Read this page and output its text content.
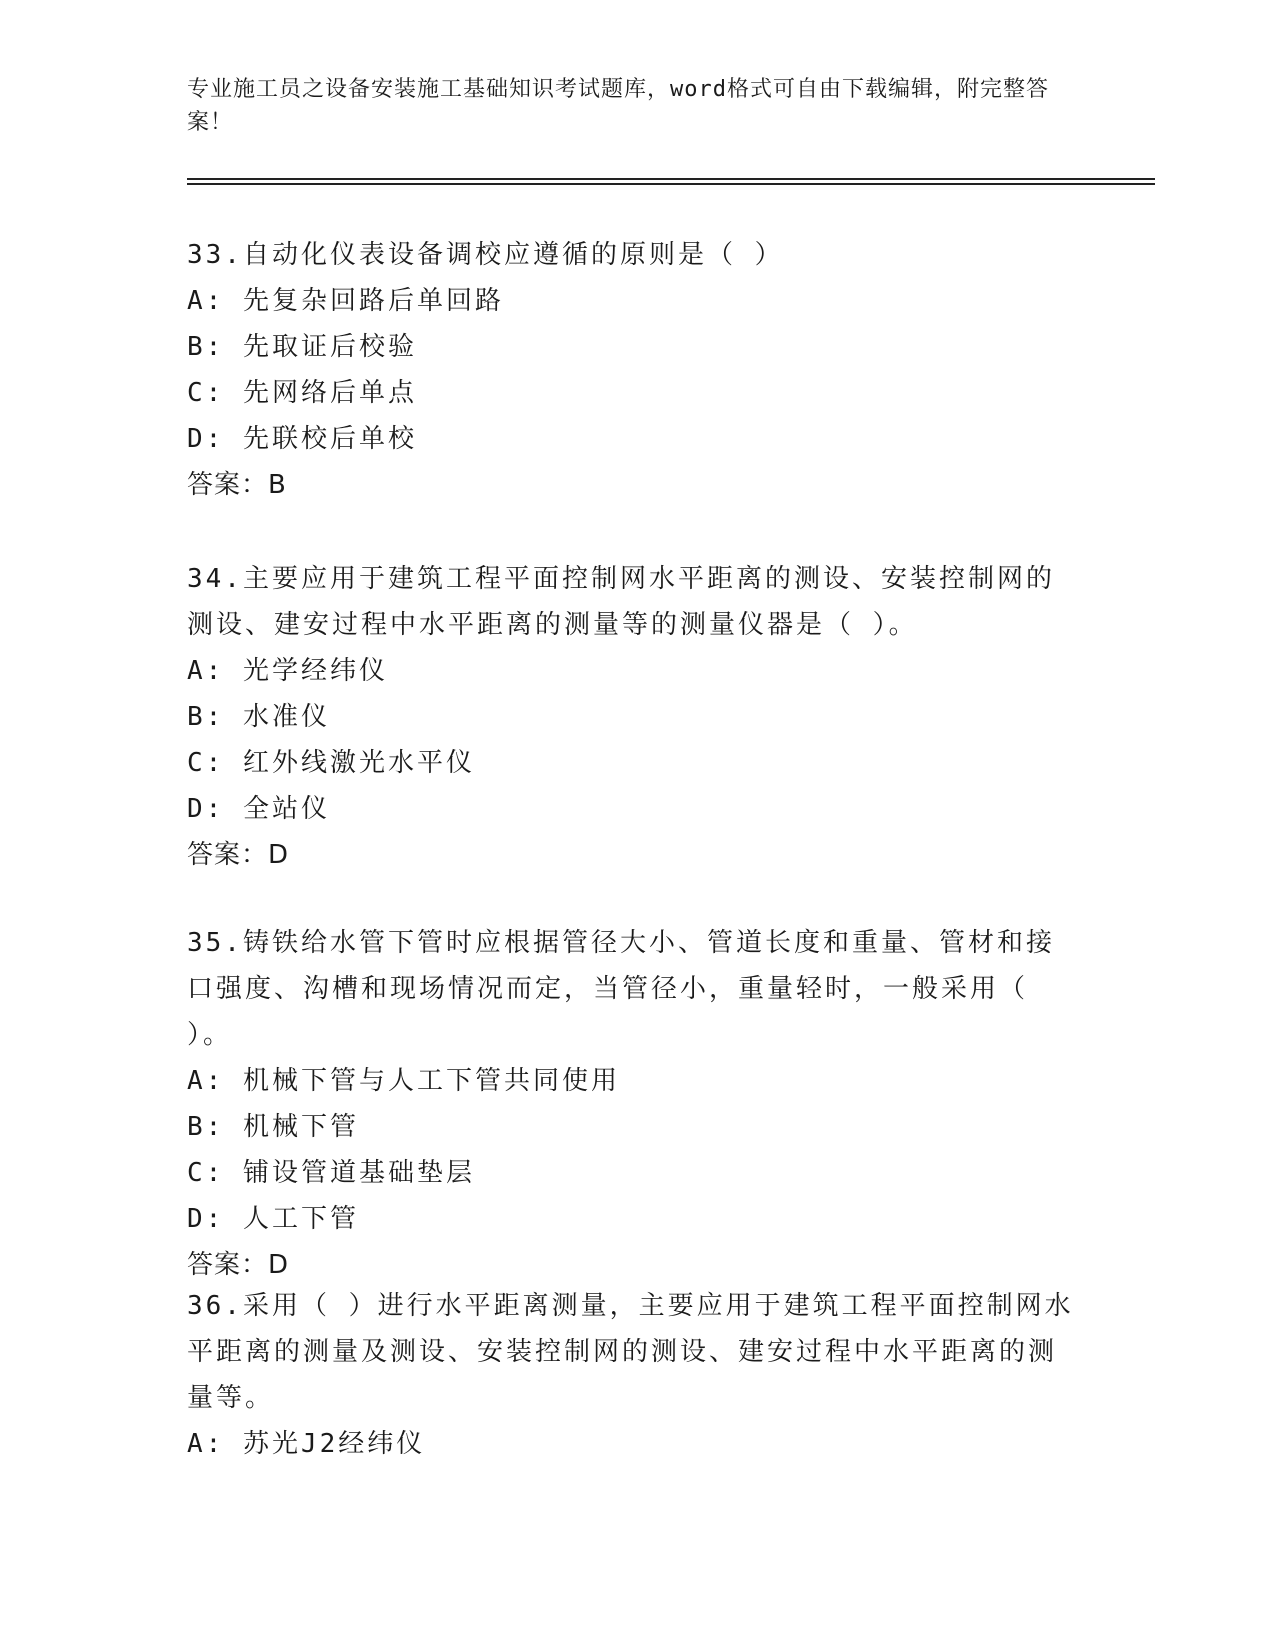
专业施工员之设备安装施工基础知识考试题库，word格式可自由下载编辑，附完整答案！
33.自动化仪表设备调校应遵循的原则是（ ）
A: 先复杂回路后单回路
B: 先取证后校验
C: 先网络后单点
D: 先联校后单校
答案：B
34.主要应用于建筑工程平面控制网水平距离的测设、安装控制网的测设、建安过程中水平距离的测量等的测量仪器是（ ）。
A: 光学经纬仪
B: 水准仪
C: 红外线激光水平仪
D: 全站仪
答案：D
35.铸铁给水管下管时应根据管径大小、管道长度和重量、管材和接口强度、沟槽和现场情况而定，当管径小，重量轻时，一般采用（ ）。
A: 机械下管与人工下管共同使用
B: 机械下管
C: 铺设管道基础垫层
D: 人工下管
答案：D
36.采用（ ）进行水平距离测量，主要应用于建筑工程平面控制网水平距离的测量及测设、安装控制网的测设、建安过程中水平距离的测量等。
A: 苏光J2经纬仪
